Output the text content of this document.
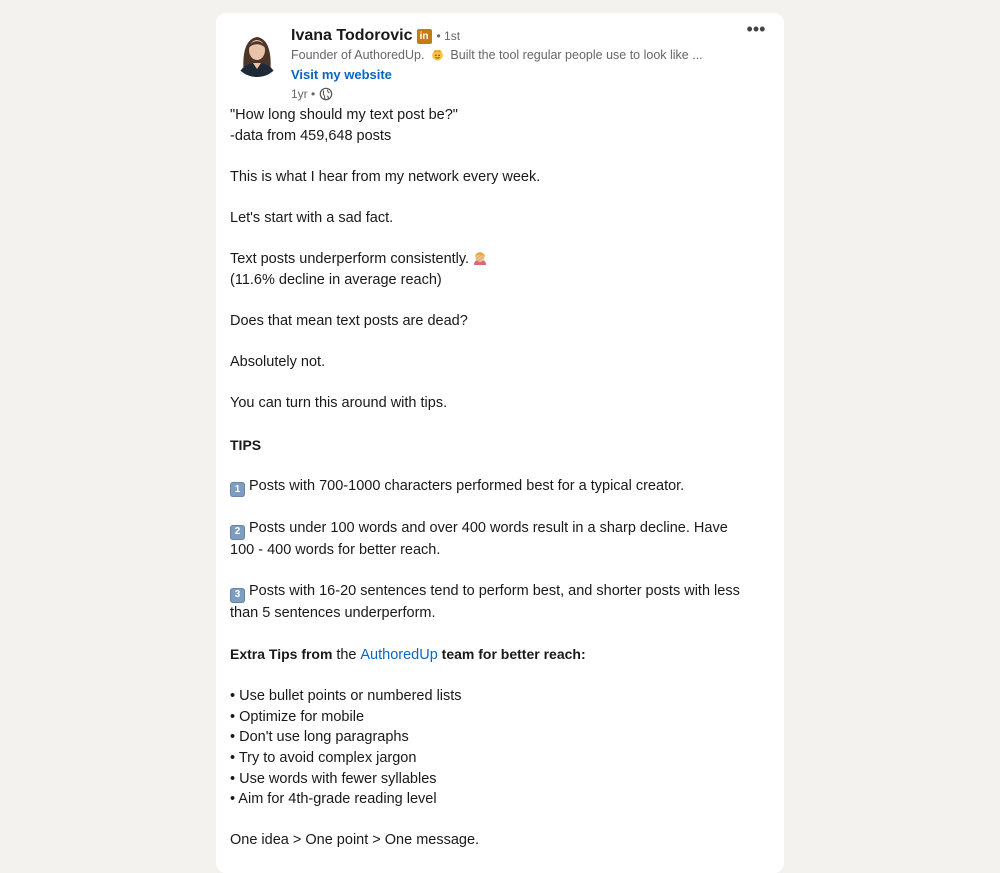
Ivana Todorovic in • 1st
Founder of AuthoredUp. Built the tool regular people use to look like ...
Visit my website
1yr •
•••
"How long should my text post be?"
-data from 459,648 posts
This is what I hear from my network every week.
Let's start with a sad fact.
Text posts underperform consistently.
(11.6% decline in average reach)
Does that mean text posts are dead?
Absolutely not.
You can turn this around with tips.
TIPS
1 Posts with 700-1000 characters performed best for a typical creator.
2 Posts under 100 words and over 400 words result in a sharp decline. Have
100 - 400 words for better reach.
3 Posts with 16-20 sentences tend to perform best, and shorter posts with less
than 5 sentences underperform.
Extra Tips from the AuthoredUp team for better reach:
• Use bullet points or numbered lists
• Optimize for mobile
• Don't use long paragraphs
• Try to avoid complex jargon
• Use words with fewer syllables
• Aim for 4th-grade reading level
One idea > One point > One message.
